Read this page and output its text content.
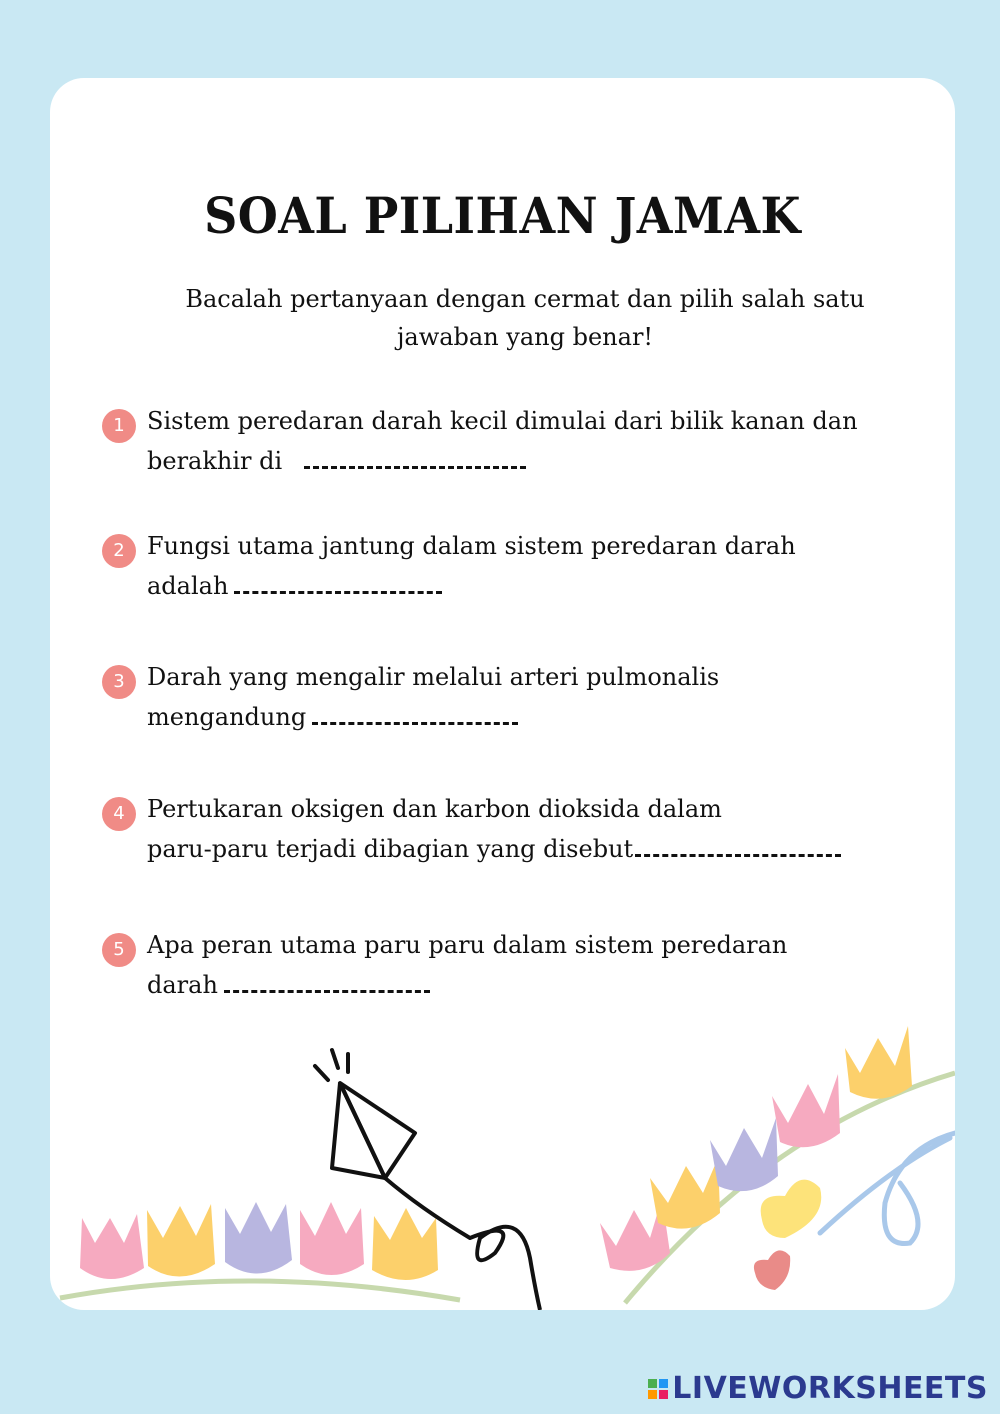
SOAL PILIHAN JAMAK
Bacalah pertanyaan dengan cermat dan pilih salah satu jawaban yang benar!
1 Sistem peredaran darah kecil dimulai dari bilik kanan dan
berakhir di
2 Fungsi utama jantung dalam sistem peredaran darah
adalah
3 Darah yang mengalir melalui arteri pulmonalis
mengandung
4 Pertukaran oksigen dan karbon dioksida dalam
paru-paru terjadi dibagian yang disebut
5 Apa peran utama paru paru dalam sistem peredaran
darah
LIVEWORKSHEETS
